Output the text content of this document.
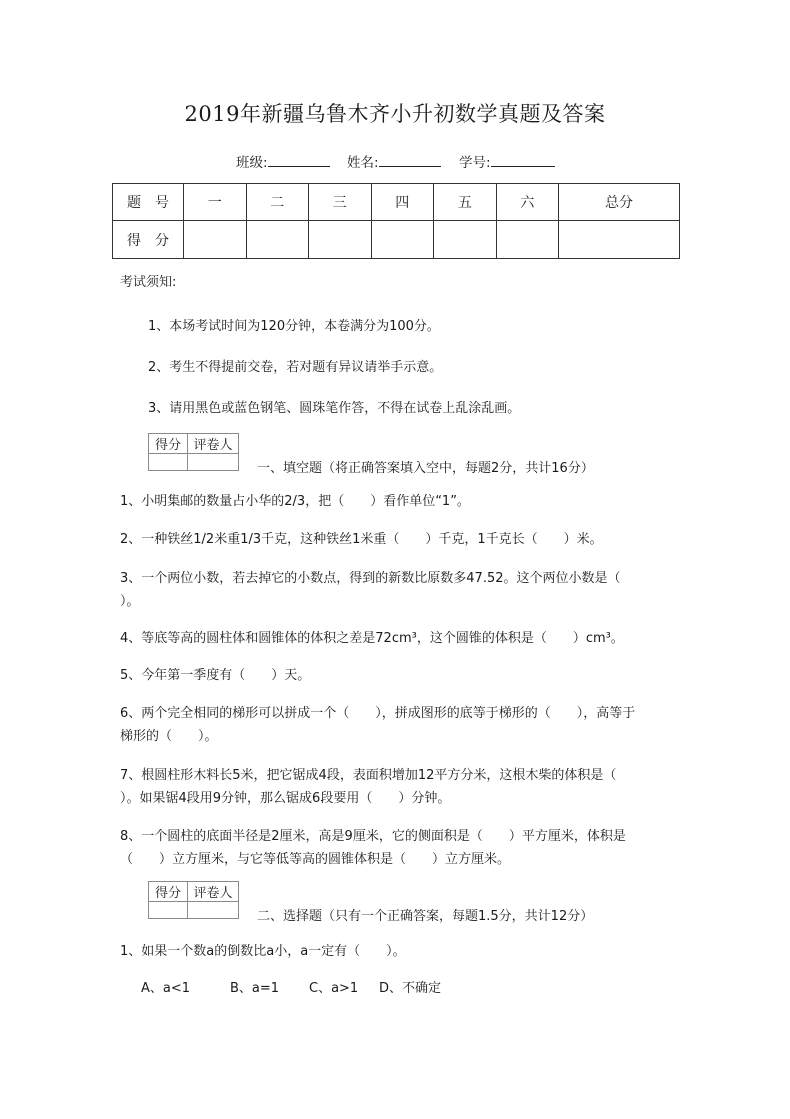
2019年新疆乌鲁木齐小升初数学真题及答案
班级:	姓名:	学号:
题　号	一	二	三	四	五	六	总分
得　分							
考试须知:
1、本场考试时间为120分钟，本卷满分为100分。
2、考生不得提前交卷，若对题有异议请举手示意。
3、请用黑色或蓝色钢笔、圆珠笔作答，不得在试卷上乱涂乱画。
得分	评卷人

一、填空题（将正确答案填入空中，每题2分，共计16分）
1、小明集邮的数量占小华的2/3，把（　　）看作单位“1”。
2、一种铁丝1/2米重1/3千克，这种铁丝1米重（　　）千克，1千克长（　　）米。
3、一个两位小数，若去掉它的小数点，得到的新数比原数多47.52。这个两位小数是（
）。
4、等底等高的圆柱体和圆锥体的体积之差是72cm³，这个圆锥的体积是（　　）cm³。
5、今年第一季度有（　　）天。
6、两个完全相同的梯形可以拼成一个（　　），拼成图形的底等于梯形的（　　），高等于
梯形的（　　）。
7、根圆柱形木料长5米，把它锯成4段，表面积增加12平方分米，这根木柴的体积是（
）。如果锯4段用9分钟，那么锯成6段要用（　　）分钟。
8、一个圆柱的底面半径是2厘米，高是9厘米，它的侧面积是（　　）平方厘米，体积是
（　　）立方厘米，与它等低等高的圆锥体积是（　　）立方厘米。
得分	评卷人

二、选择题（只有一个正确答案，每题1.5分，共计12分）
1、如果一个数a的倒数比a小，a一定有（　　）。
A、a<1	B、a=1 C、a>1 D、不确定
